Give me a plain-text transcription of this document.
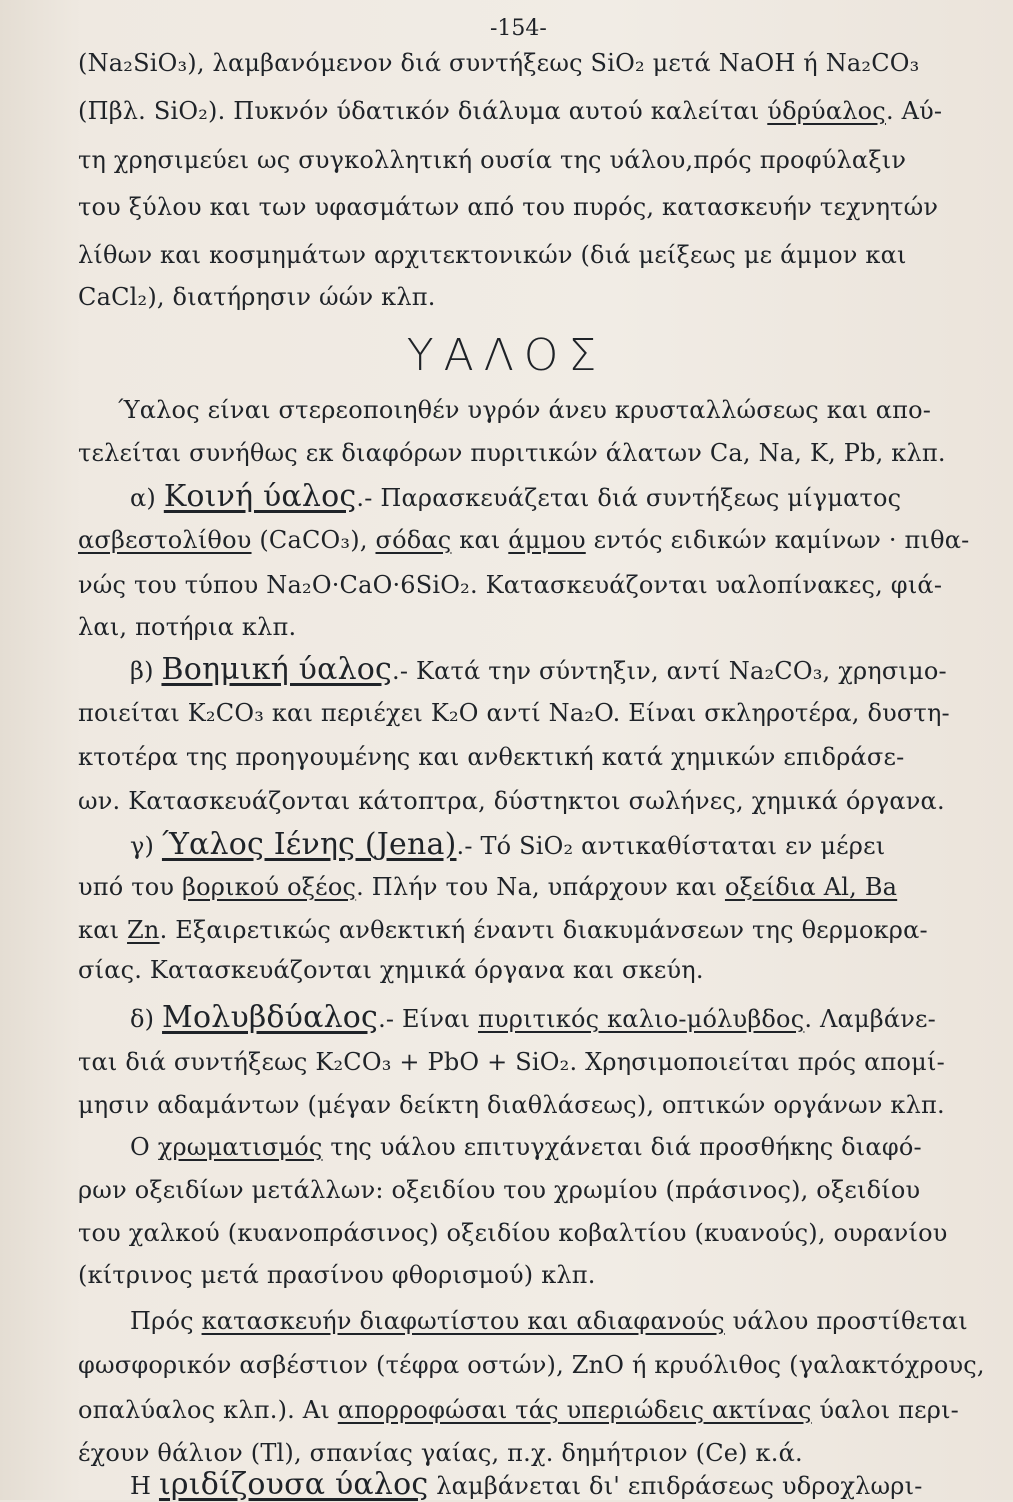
-154-
(Na₂SiO₃), λαμβανόμενον διά συντήξεως SiO₂ μετά NaOH ή Na₂CO₃
(Πβλ. SiO₂). Πυκνόν ύδατικόν διάλυμα αυτού καλείται ύδρύαλος. Αύ-
τη χρησιμεύει ως συγκολλητική ουσία της υάλου,πρός προφύλαξιν
του ξύλου και των υφασμάτων από του πυρός, κατασκευήν τεχνητών
λίθων και κοσμημάτων αρχιτεκτονικών (διά μείξεως με άμμον και
CaCl₂), διατήρησιν ώών κλπ.
ΥΑΛΟΣ
Ύαλος είναι στερεοποιηθέν υγρόν άνευ κρυσταλλώσεως και απο-
τελείται συνήθως εκ διαφόρων πυριτικών άλατων Ca, Na, K, Pb, κλπ.
α) Κοινή ύαλος.- Παρασκευάζεται διά συντήξεως μίγματος
ασβεστολίθου (CaCO₃), σόδας και άμμου εντός ειδικών καμίνων · πιθα-
νώς του τύπου Na₂O·CaO·6SiO₂. Κατασκευάζονται υαλοπίνακες, φιά-
λαι, ποτήρια κλπ.
β) Βοημική ύαλος.- Κατά την σύντηξιν, αντί Na₂CO₃, χρησιμο-
ποιείται K₂CO₃ και περιέχει K₂O αντί Na₂O. Είναι σκληροτέρα, δυστη-
κτοτέρα της προηγουμένης και ανθεκτική κατά χημικών επιδράσε-
ων. Κατασκευάζονται κάτοπτρα, δύστηκτοι σωλήνες, χημικά όργανα.
γ) Ύαλος Ιένης (Jena).- Τό SiO₂ αντικαθίσταται εν μέρει
υπό του βορικού οξέος. Πλήν του Na, υπάρχουν και οξείδια Al, Ba
και Zn. Εξαιρετικώς ανθεκτική έναντι διακυμάνσεων της θερμοκρα-
σίας. Κατασκευάζονται χημικά όργανα και σκεύη.
δ) Μολυβδύαλος.- Είναι πυριτικός καλιο-μόλυβδος. Λαμβάνε-
ται διά συντήξεως K₂CO₃ + PbO + SiO₂. Χρησιμοποιείται πρός απομί-
μησιν αδαμάντων (μέγαν δείκτη διαθλάσεως), οπτικών οργάνων κλπ.
Ο χρωματισμός της υάλου επιτυγχάνεται διά προσθήκης διαφό-
ρων οξειδίων μετάλλων: οξειδίου του χρωμίου (πράσινος), οξειδίου
του χαλκού (κυανοπράσινος) οξειδίου κοβαλτίου (κυανούς), ουρανίου
(κίτρινος μετά πρασίνου φθορισμού) κλπ.
Πρός κατασκευήν διαφωτίστου και αδιαφανούς υάλου προστίθεται
φωσφορικόν ασβέστιον (τέφρα οστών), ZnO ή κρυόλιθος (γαλακτόχρους,
οπαλύαλος κλπ.). Αι απορροφώσαι τάς υπεριώδεις ακτίνας ύαλοι περι-
έχουν θάλιον (Tl), σπανίας γαίας, π.χ. δημήτριον (Ce) κ.ά.
Η ιριδίζουσα ύαλος λαμβάνεται δι' επιδράσεως υδροχλωρι-
